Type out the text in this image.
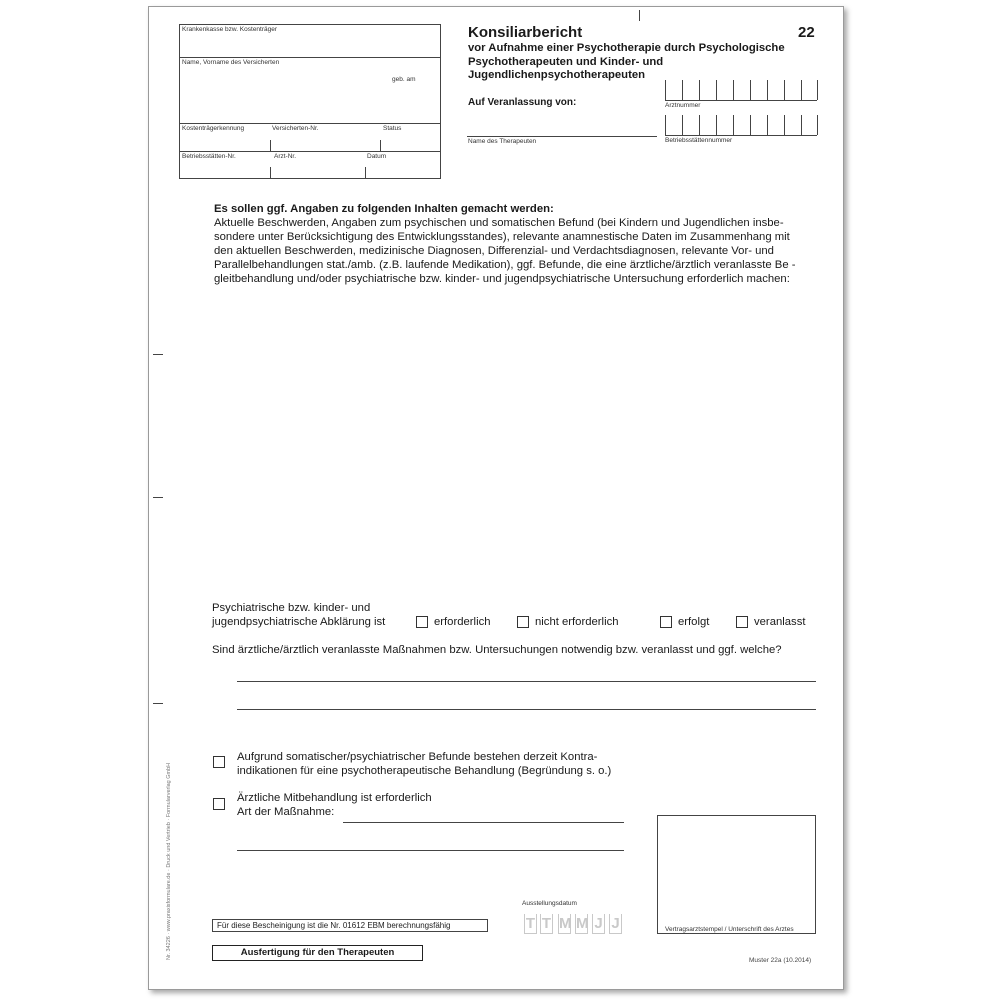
Krankenkasse bzw. Kostenträger
Name, Vorname des Versicherten
geb. am
Kostenträgerkennung	Versicherten-Nr.	Status
Betriebsstätten-Nr.	Arzt-Nr.	Datum
Konsiliarbericht	22
vor Aufnahme einer Psychotherapie durch Psychologische
Psychotherapeuten und Kinder- und
Jugendlichenpsychotherapeuten
Auf Veranlassung von:
Name des Therapeuten
Arztnummer
Betriebsstättennummer
Es sollen ggf. Angaben zu folgenden Inhalten gemacht werden:
Aktuelle Beschwerden, Angaben zum psychischen und somatischen Befund (bei Kindern und Jugendlichen insbe-
sondere unter Berücksichtigung des Entwicklungsstandes), relevante anamnestische Daten im Zusammenhang mit
den aktuellen Beschwerden, medizinische Diagnosen, Differenzial- und Verdachtsdiagnosen, relevante Vor- und
Parallelbehandlungen stat./amb. (z.B. laufende Medikation), ggf. Befunde, die eine ärztliche/ärztlich veranlasste Be -
gleitbehandlung und/oder psychiatrische bzw. kinder- und jugendpsychiatrische Untersuchung erforderlich machen:
Psychiatrische bzw. kinder- und
jugendpsychiatrische Abklärung ist	erforderlich	nicht erforderlich	erfolgt	veranlasst
Sind ärztliche/ärztlich veranlasste Maßnahmen bzw. Untersuchungen notwendig bzw. veranlasst und ggf. welche?
Aufgrund somatischer/psychiatrischer Befunde bestehen derzeit Kontra-
indikationen für eine psychotherapeutische Behandlung (Begründung s. o.)
Ärztliche Mitbehandlung ist erforderlich
Art der Maßnahme:
Vertragsarztstempel / Unterschrift des Arztes
Ausstellungsdatum
T T M M J J
Für diese Bescheinigung ist die Nr. 01612 EBM berechnungsfähig
Ausfertigung für den Therapeuten
Muster 22a (10.2014)
Nr. 34226 · www.praxisformulare.de · Druck und Vertrieb · Formularverlag GmbH
